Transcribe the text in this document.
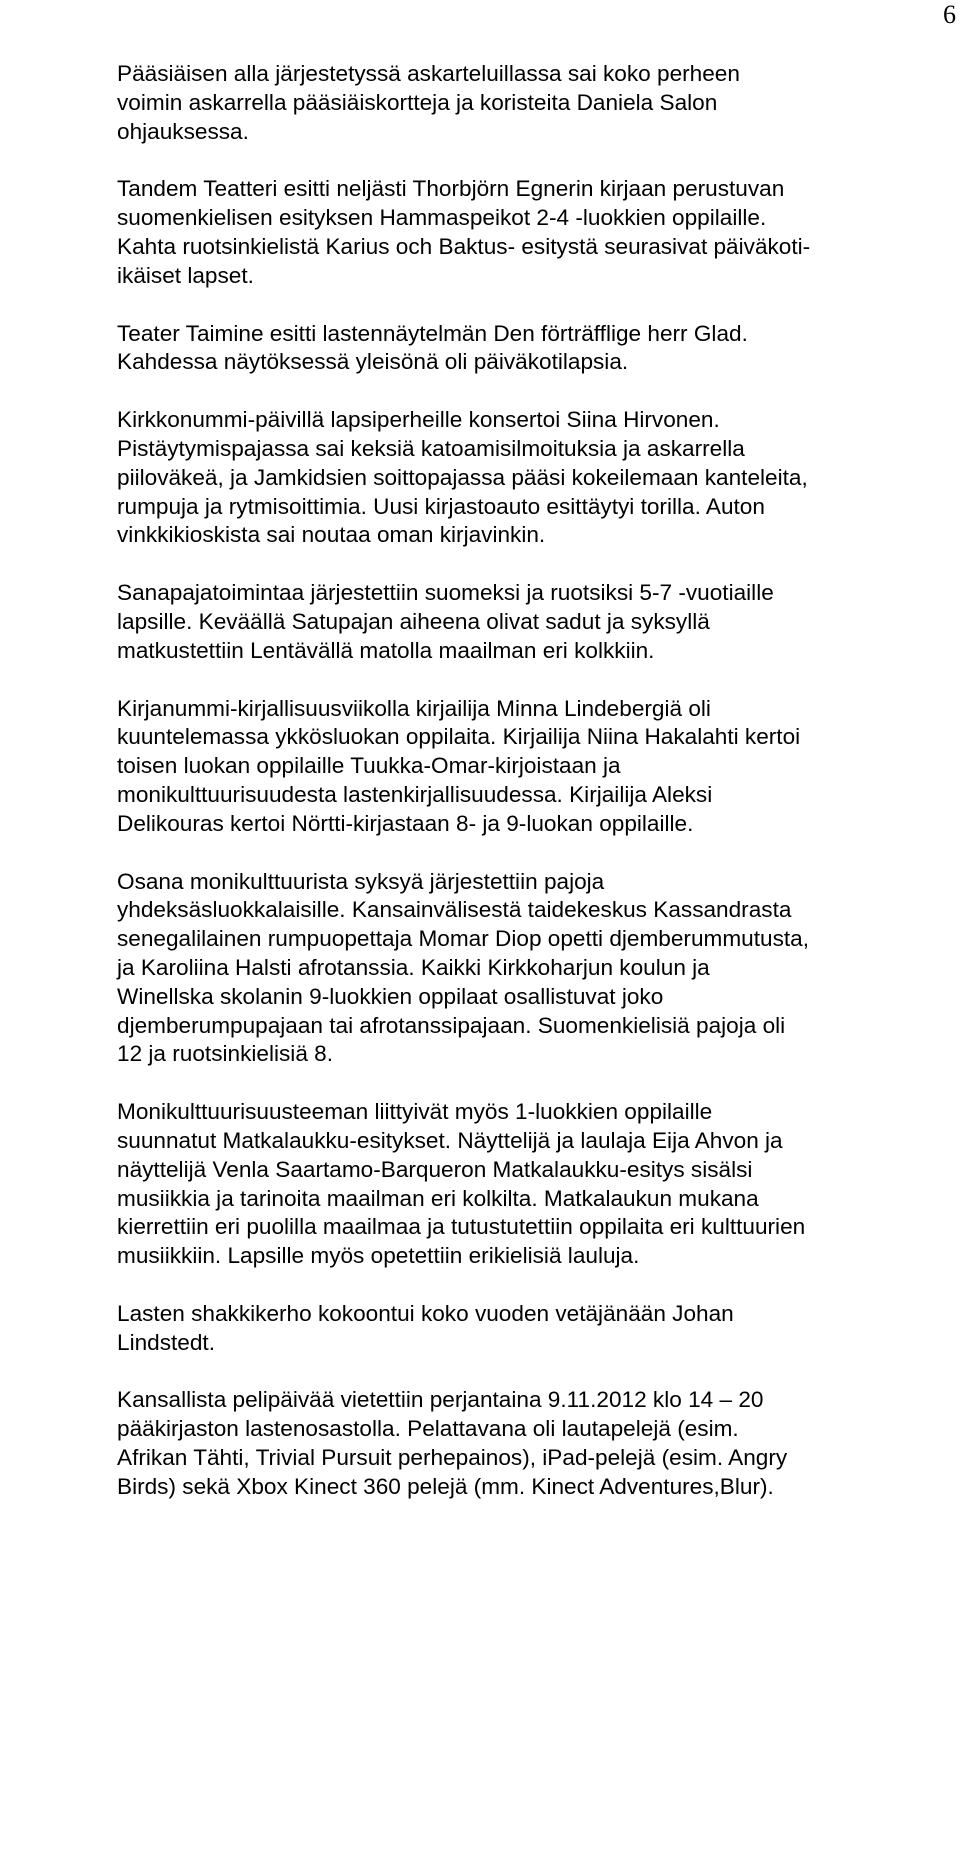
6

Pääsiäisen alla järjestetyssä askarteluillassa sai koko perheen
voimin askarrella pääsiäiskortteja ja koristeita Daniela Salon
ohjauksessa.

Tandem Teatteri esitti neljästi Thorbjörn Egnerin kirjaan perustuvan
suomenkielisen esityksen Hammaspeikot 2-4 -luokkien oppilaille.
Kahta ruotsinkielistä Karius och Baktus- esitystä seurasivat päiväkoti-
ikäiset lapset.

Teater Taimine esitti lastennäytelmän Den förträfflige herr Glad.
Kahdessa näytöksessä yleisönä oli päiväkotilapsia.

Kirkkonummi-päivillä lapsiperheille konsertoi Siina Hirvonen.
Pistäytymispajassa sai keksiä katoamisilmoituksia ja askarrella
piiloväkeä, ja Jamkidsien soittopajassa pääsi kokeilemaan kanteleita,
rumpuja ja rytmisoittimia. Uusi kirjastoauto esittäytyi torilla. Auton
vinkkikioskista sai noutaa oman kirjavinkin.

Sanapajatoimintaa järjestettiin suomeksi ja ruotsiksi 5-7 -vuotiaille
lapsille. Keväällä Satupajan aiheena olivat sadut ja syksyllä
matkustettiin Lentävällä matolla maailman eri kolkkiin.

Kirjanummi-kirjallisuusviikolla kirjailija Minna Lindebergiä oli
kuuntelemassa ykkösluokan oppilaita. Kirjailija Niina Hakalahti kertoi
toisen luokan oppilaille Tuukka-Omar-kirjoistaan ja
monikulttuurisuudesta lastenkirjallisuudessa. Kirjailija Aleksi
Delikouras kertoi Nörtti-kirjastaan 8- ja 9-luokan oppilaille.

Osana monikulttuurista syksyä järjestettiin pajoja
yhdeksäsluokkalaisille. Kansainvälisestä taidekeskus Kassandrasta
senegalilainen rumpuopettaja Momar Diop opetti djemberummutusta,
ja Karoliina Halsti afrotanssia. Kaikki Kirkkoharjun koulun ja
Winellska skolanin 9-luokkien oppilaat osallistuvat joko
djemberumpupajaan tai afrotanssipajaan. Suomenkielisiä pajoja oli
12 ja ruotsinkielisiä 8.

Monikulttuurisuusteeman liittyivät myös 1-luokkien oppilaille
suunnatut Matkalaukku-esitykset. Näyttelijä ja laulaja Eija Ahvon ja
näyttelijä Venla Saartamo-Barqueron Matkalaukku-esitys sisälsi
musiikkia ja tarinoita maailman eri kolkilta. Matkalaukun mukana
kierrettiin eri puolilla maailmaa ja tutustutettiin oppilaita eri kulttuurien
musiikkiin. Lapsille myös opetettiin erikielisiä lauluja.

Lasten shakkikerho kokoontui koko vuoden vetäjänään Johan
Lindstedt.

Kansallista pelipäivää vietettiin perjantaina 9.11.2012 klo 14 – 20
pääkirjaston lastenosastolla. Pelattavana oli lautapelejä (esim.
Afrikan Tähti, Trivial Pursuit perhepainos), iPad-pelejä (esim. Angry
Birds) sekä Xbox Kinect 360 pelejä (mm. Kinect Adventures,Blur).
